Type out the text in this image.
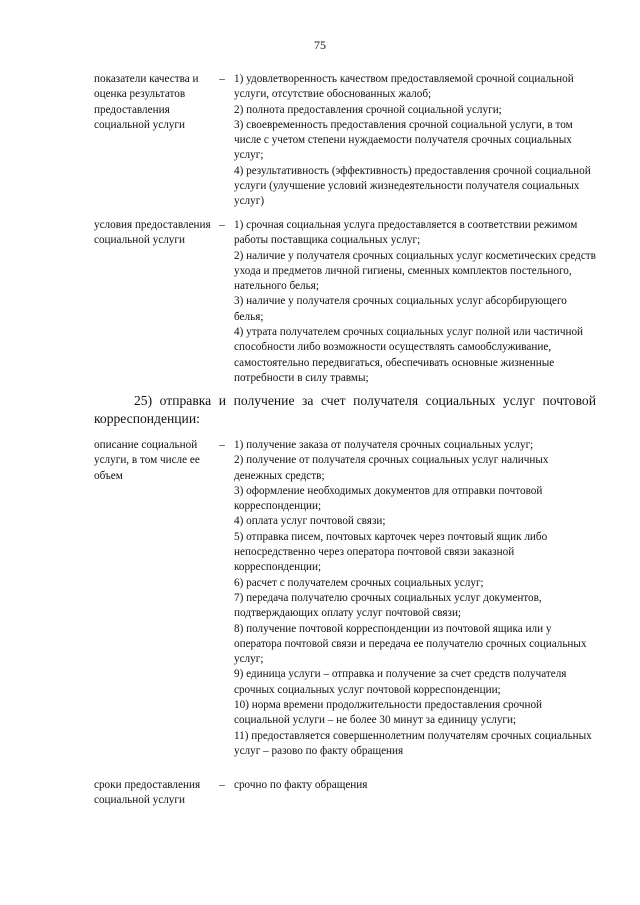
75
показатели качества и оценка результатов предоставления социальной услуги
– 1) удовлетворенность качеством предоставляемой срочной социальной услуги, отсутствие обоснованных жалоб;
2) полнота предоставления срочной социальной услуги;
3) своевременность предоставления срочной социальной услуги, в том числе с учетом степени нуждаемости получателя срочных социальных услуг;
4) результативность (эффективность) предоставления срочной социальной услуги (улучшение условий жизнедеятельности получателя социальных услуг)
условия предоставления социальной услуги
– 1) срочная социальная услуга предоставляется в соответствии режимом работы поставщика социальных услуг;
2) наличие у получателя срочных социальных услуг косметических средств ухода и предметов личной гигиены, сменных комплектов постельного, нательного белья;
3) наличие у получателя срочных социальных услуг абсорбирующего белья;
4) утрата получателем срочных социальных услуг полной или частичной способности либо возможности осуществлять самообслуживание, самостоятельно передвигаться, обеспечивать основные жизненные потребности в силу травмы;
25) отправка и получение за счет получателя социальных услуг почтовой корреспонденции:
описание социальной услуги, в том числе ее объем
– 1) получение заказа от получателя срочных социальных услуг;
2) получение от получателя срочных социальных услуг наличных денежных средств;
3) оформление необходимых документов для отправки почтовой корреспонденции;
4) оплата услуг почтовой связи;
5) отправка писем, почтовых карточек через почтовый ящик либо непосредственно через оператора почтовой связи заказной корреспонденции;
6) расчет с получателем срочных социальных услуг;
7) передача получателю срочных социальных услуг документов, подтверждающих оплату услуг почтовой связи;
8) получение почтовой корреспонденции из почтовой ящика или у оператора почтовой связи и передача ее получателю срочных социальных услуг;
9) единица услуги – отправка и получение за счет средств получателя срочных социальных услуг почтовой корреспонденции;
10) норма времени продолжительности предоставления срочной социальной услуги – не более 30 минут за единицу услуги;
11) предоставляется совершеннолетним получателям срочных социальных услуг – разово по факту обращения
сроки предоставления социальной услуги
– срочно по факту обращения
